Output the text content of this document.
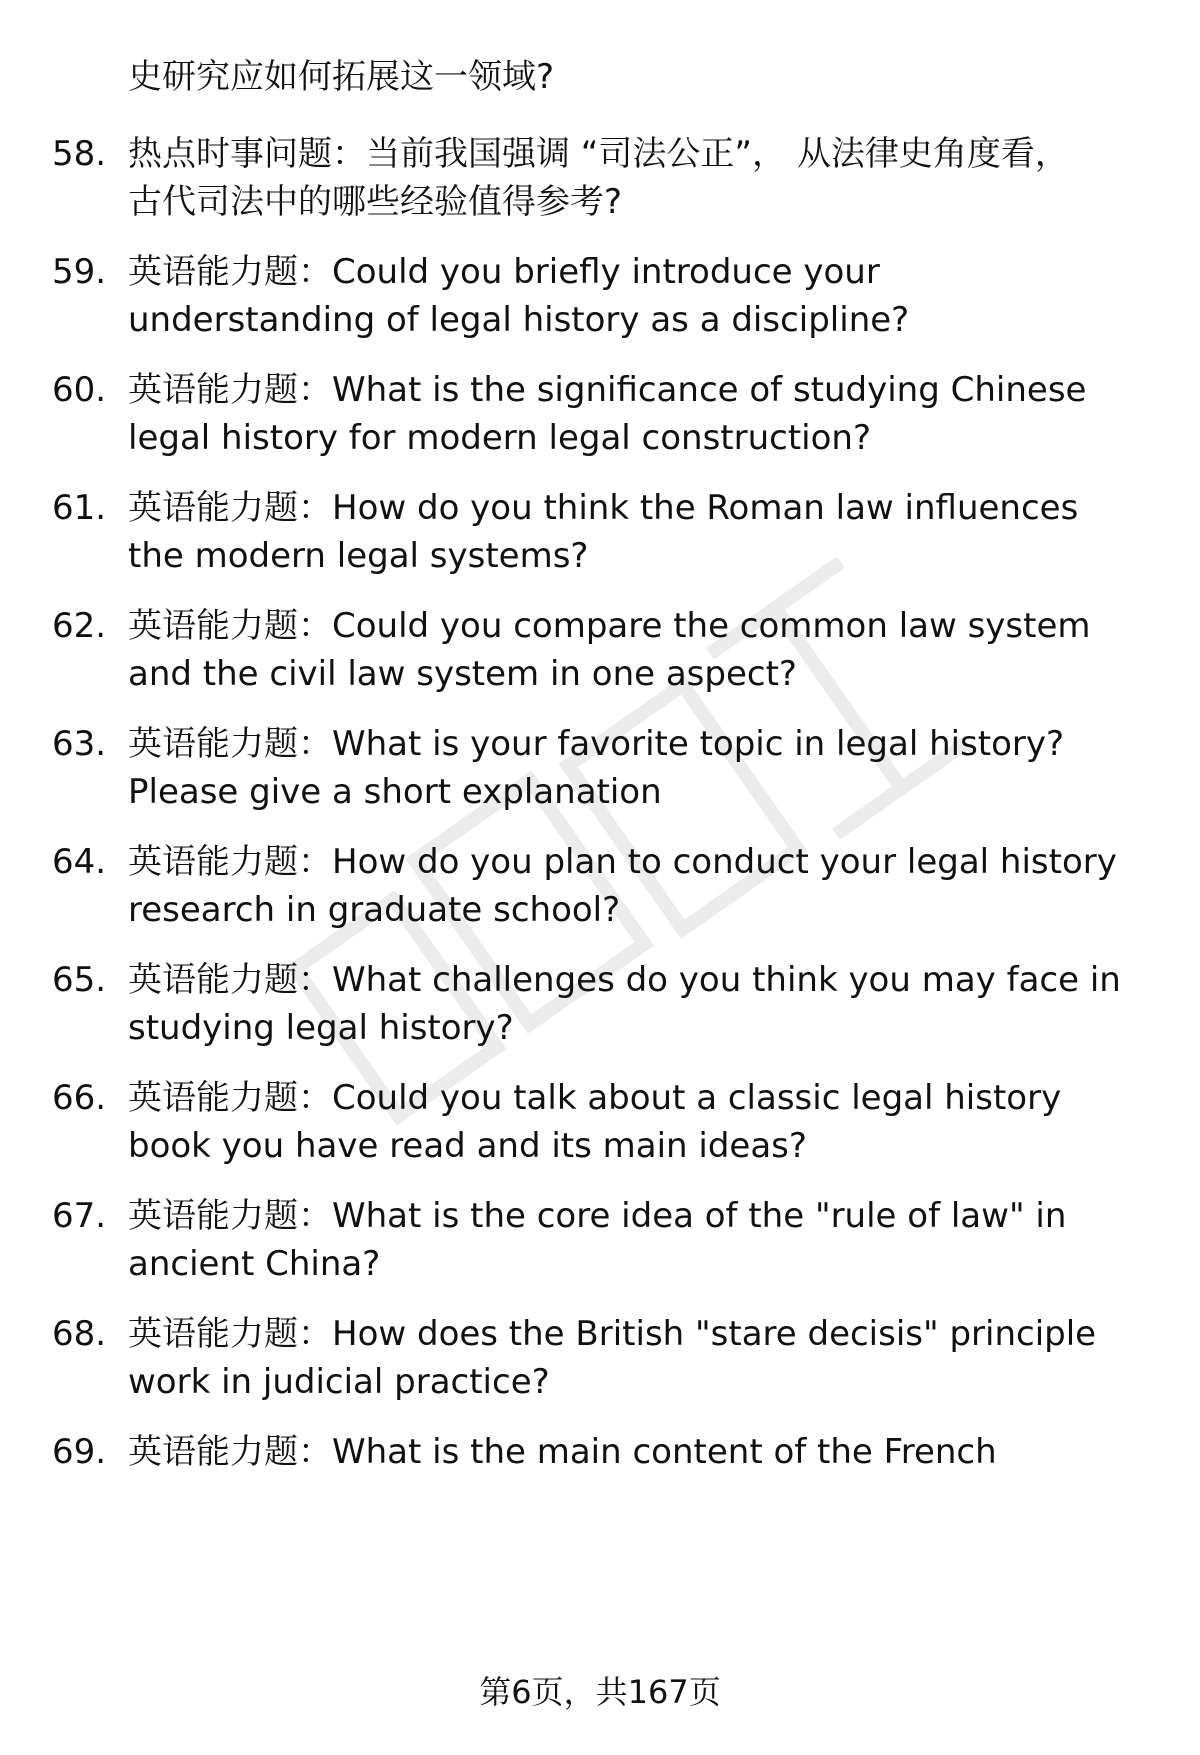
史研究应如何拓展这一领域?
58. 热点时事问题：当前我国强调 “司法公正”， 从法律史角度看，
古代司法中的哪些经验值得参考?
59. 英语能力题：Could you briefly introduce your
understanding of legal history as a discipline?
60. 英语能力题：What is the significance of studying Chinese
legal history for modern legal construction?
61. 英语能力题：How do you think the Roman law influences
the modern legal systems?
62. 英语能力题：Could you compare the common law system
and the civil law system in one aspect?
63. 英语能力题：What is your favorite topic in legal history?
Please give a short explanation
64. 英语能力题：How do you plan to conduct your legal history
research in graduate school?
65. 英语能力题：What challenges do you think you may face in
studying legal history?
66. 英语能力题：Could you talk about a classic legal history
book you have read and its main ideas?
67. 英语能力题：What is the core idea of the "rule of law" in
ancient China?
68. 英语能力题：How does the British "stare decisis" principle
work in judicial practice?
69. 英语能力题：What is the main content of the French
第6页，共167页
